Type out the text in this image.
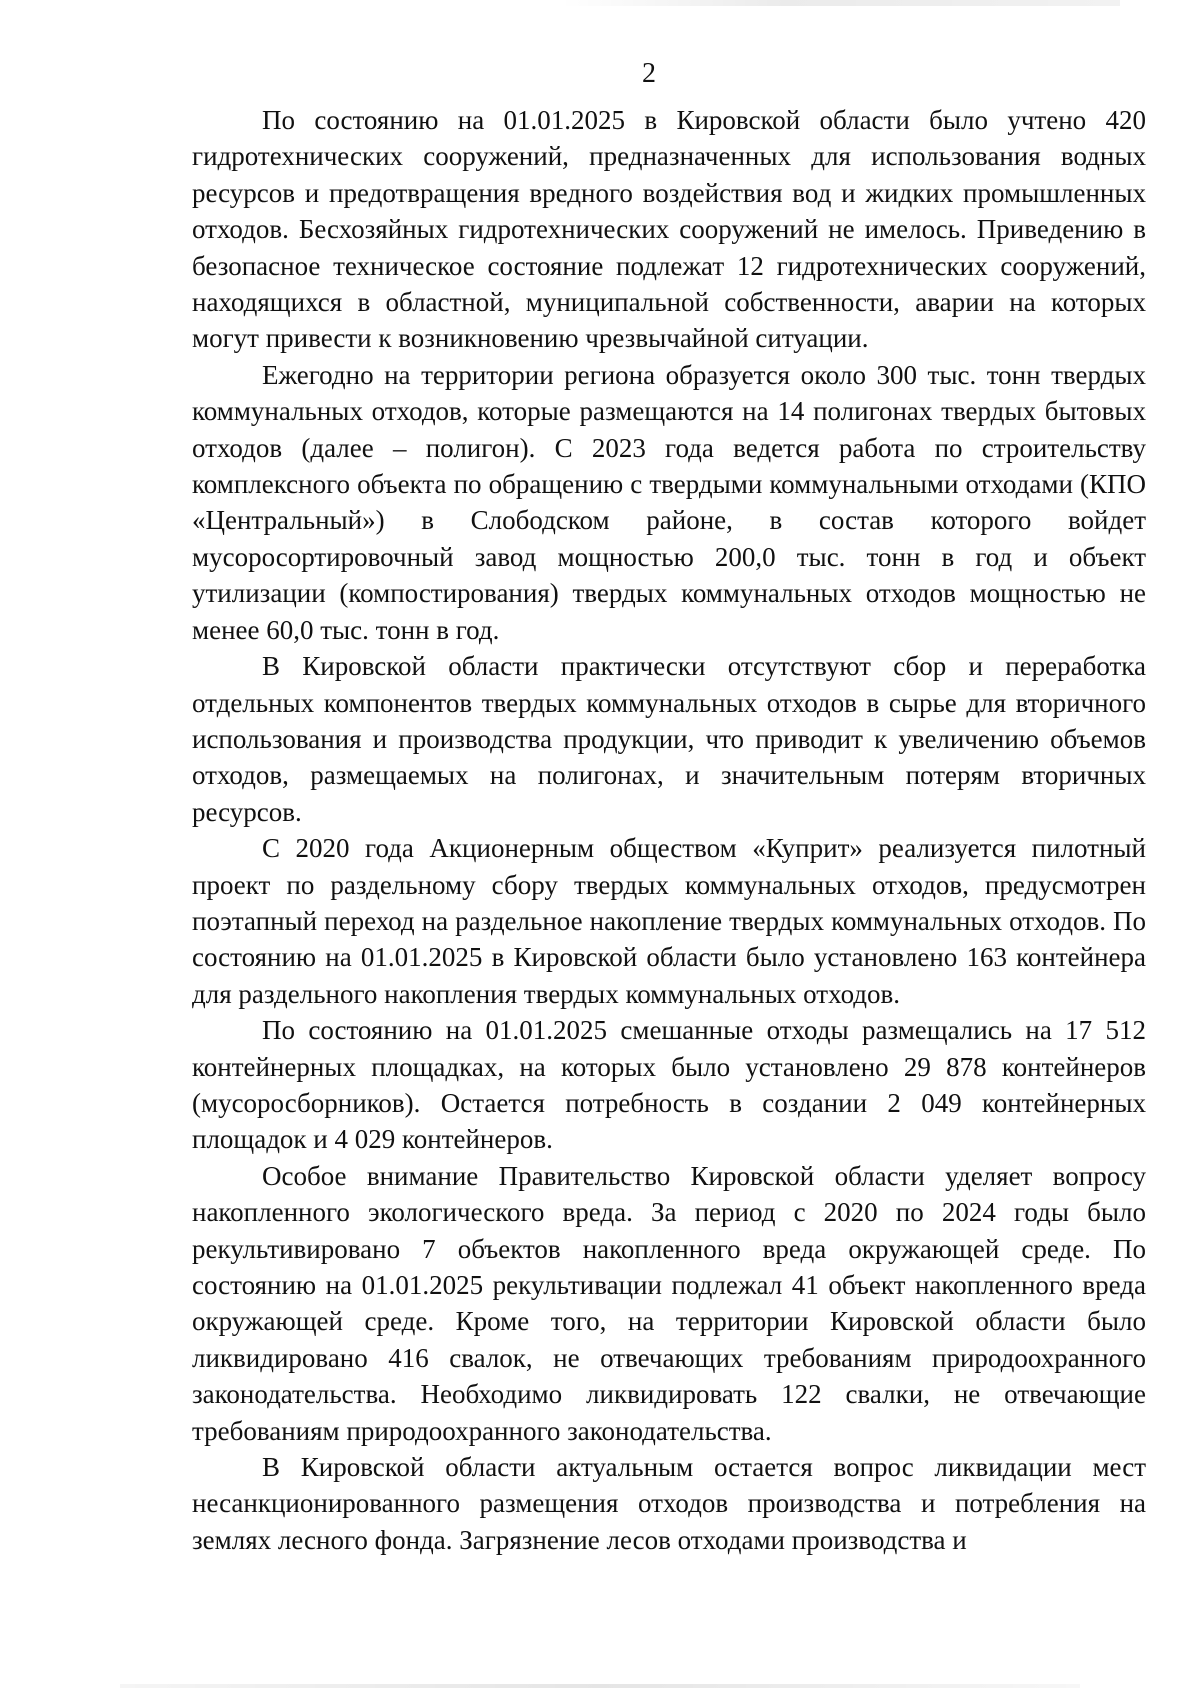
2

По состоянию на 01.01.2025 в Кировской области было учтено 420 гидротехнических сооружений, предназначенных для использования водных ресурсов и предотвращения вредного воздействия вод и жидких промышленных отходов. Бесхозяйных гидротехнических сооружений не имелось. Приведению в безопасное техническое состояние подлежат 12 гидротехнических сооружений, находящихся в областной, муниципальной собственности, аварии на которых могут привести к возникновению чрезвычайной ситуации.

Ежегодно на территории региона образуется около 300 тыс. тонн твердых коммунальных отходов, которые размещаются на 14 полигонах твердых бытовых отходов (далее – полигон). С 2023 года ведется работа по строительству комплексного объекта по обращению с твердыми коммунальными отходами (КПО «Центральный») в Слободском районе, в состав которого войдет мусоросортировочный завод мощностью 200,0 тыс. тонн в год и объект утилизации (компостирования) твердых коммунальных отходов мощностью не менее 60,0 тыс. тонн в год.

В Кировской области практически отсутствуют сбор и переработка отдельных компонентов твердых коммунальных отходов в сырье для вторичного использования и производства продукции, что приводит к увеличению объемов отходов, размещаемых на полигонах, и значительным потерям вторичных ресурсов.

С 2020 года Акционерным обществом «Куприт» реализуется пилотный проект по раздельному сбору твердых коммунальных отходов, предусмотрен поэтапный переход на раздельное накопление твердых коммунальных отходов. По состоянию на 01.01.2025 в Кировской области было установлено 163 контейнера для раздельного накопления твердых коммунальных отходов.

По состоянию на 01.01.2025 смешанные отходы размещались на 17 512 контейнерных площадках, на которых было установлено 29 878 контейнеров (мусоросборников). Остается потребность в создании 2 049 контейнерных площадок и 4 029 контейнеров.

Особое внимание Правительство Кировской области уделяет вопросу накопленного экологического вреда. За период с 2020 по 2024 годы было рекультивировано 7 объектов накопленного вреда окружающей среде. По состоянию на 01.01.2025 рекультивации подлежал 41 объект накопленного вреда окружающей среде. Кроме того, на территории Кировской области было ликвидировано 416 свалок, не отвечающих требованиям природоохранного законодательства. Необходимо ликвидировать 122 свалки, не отвечающие требованиям природоохранного законодательства.

В Кировской области актуальным остается вопрос ликвидации мест несанкционированного размещения отходов производства и потребления на землях лесного фонда. Загрязнение лесов отходами производства и
